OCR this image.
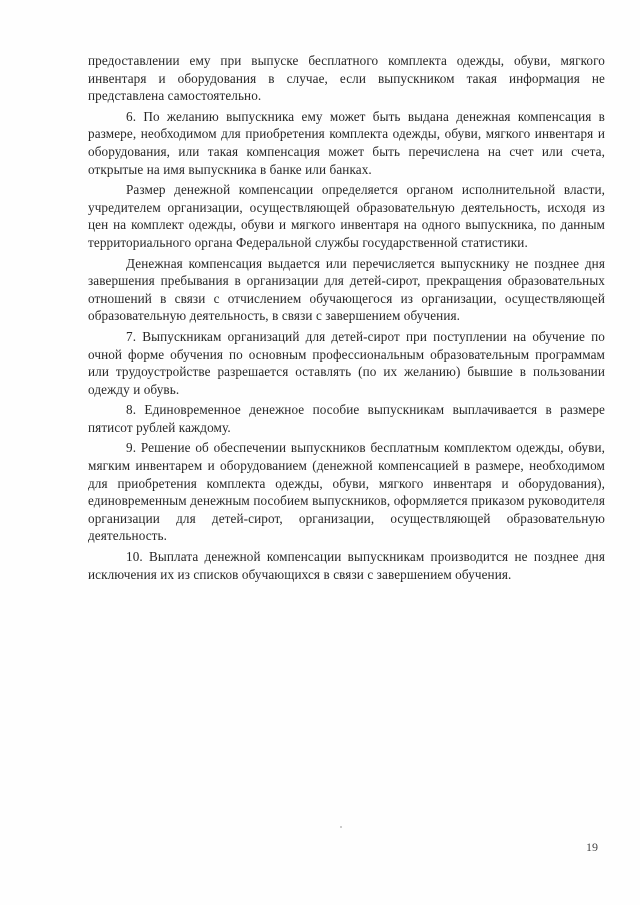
предоставлении ему при выпуске бесплатного комплекта одежды, обуви, мягкого инвентаря и оборудования в случае, если выпускником такая информация не представлена самостоятельно.

6. По желанию выпускника ему может быть выдана денежная компенсация в размере, необходимом для приобретения комплекта одежды, обуви, мягкого инвентаря и оборудования, или такая компенсация может быть перечислена на счет или счета, открытые на имя выпускника в банке или банках.

Размер денежной компенсации определяется органом исполнительной власти, учредителем организации, осуществляющей образовательную деятельность, исходя из цен на комплект одежды, обуви и мягкого инвентаря на одного выпускника, по данным территориального органа Федеральной службы государственной статистики.

Денежная компенсация выдается или перечисляется выпускнику не позднее дня завершения пребывания в организации для детей-сирот, прекращения образовательных отношений в связи с отчислением обучающегося из организации, осуществляющей образовательную деятельность, в связи с завершением обучения.

7. Выпускникам организаций для детей-сирот при поступлении на обучение по очной форме обучения по основным профессиональным образовательным программам или трудоустройстве разрешается оставлять (по их желанию) бывшие в пользовании одежду и обувь.

8. Единовременное денежное пособие выпускникам выплачивается в размере пятисот рублей каждому.

9. Решение об обеспечении выпускников бесплатным комплектом одежды, обуви, мягким инвентарем и оборудованием (денежной компенсацией в размере, необходимом для приобретения комплекта одежды, обуви, мягкого инвентаря и оборудования), единовременным денежным пособием выпускников, оформляется приказом руководителя организации для детей-сирот, организации, осуществляющей образовательную деятельность.

10. Выплата денежной компенсации выпускникам производится не позднее дня исключения их из списков обучающихся в связи с завершением обучения.

19
